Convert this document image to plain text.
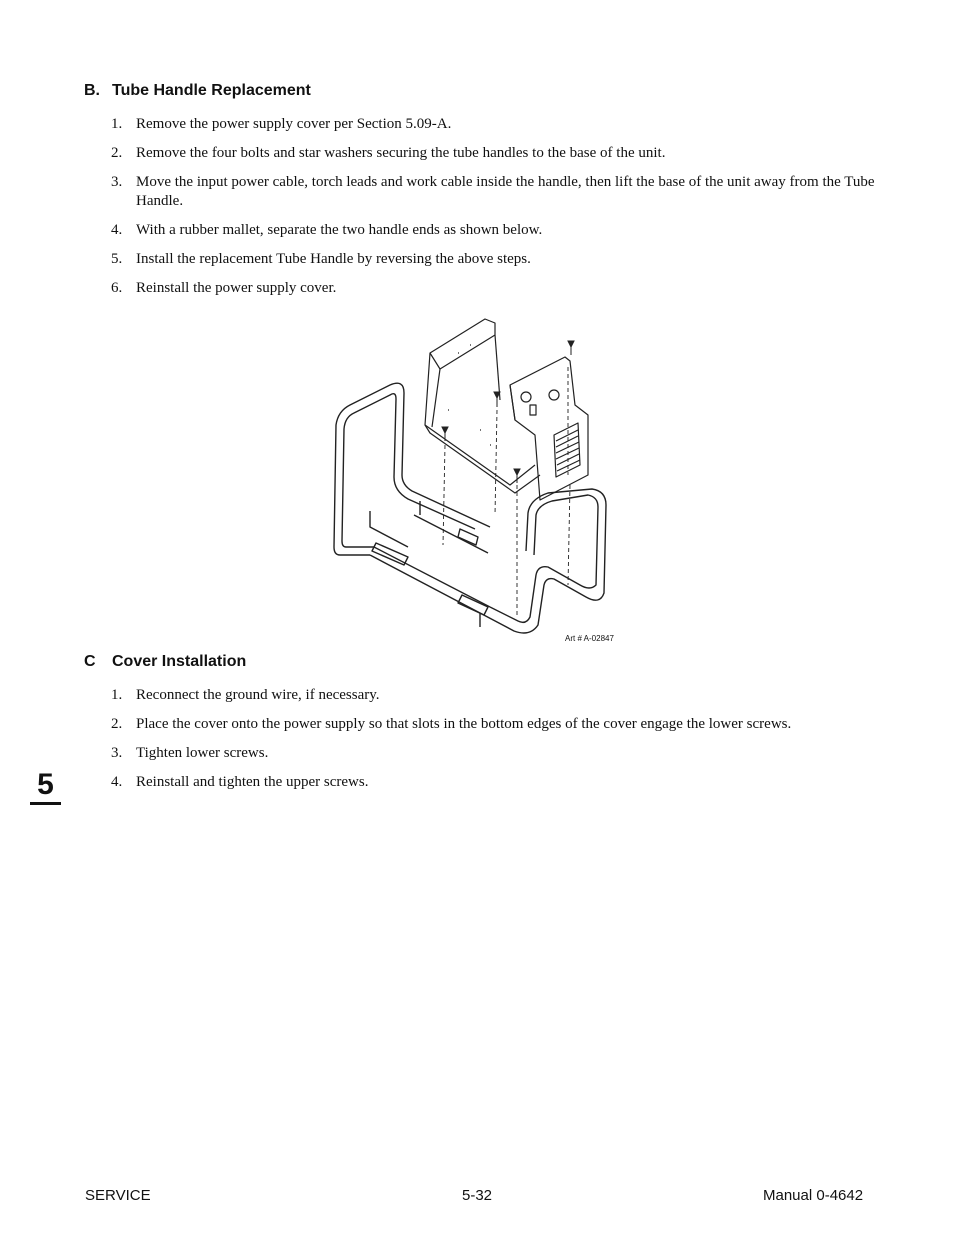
B. Tube Handle Replacement
1. Remove the power supply cover per Section 5.09-A.
2. Remove the four bolts and star washers securing the tube handles to the base of the unit.
3. Move the input power cable, torch leads and work cable inside the handle, then lift the base of the unit away from the Tube Handle.
4. With a rubber mallet, separate the two handle ends as shown below.
5. Install the replacement Tube Handle by reversing the above steps.
6. Reinstall the power supply cover.
Art # A-02847
C Cover Installation
1. Reconnect the ground wire, if necessary.
2. Place the cover onto the power supply so that slots in the bottom edges of the cover engage the lower screws.
3. Tighten lower screws.
4. Reinstall and tighten the upper screws.
5
SERVICE	5-32	Manual 0-4642
